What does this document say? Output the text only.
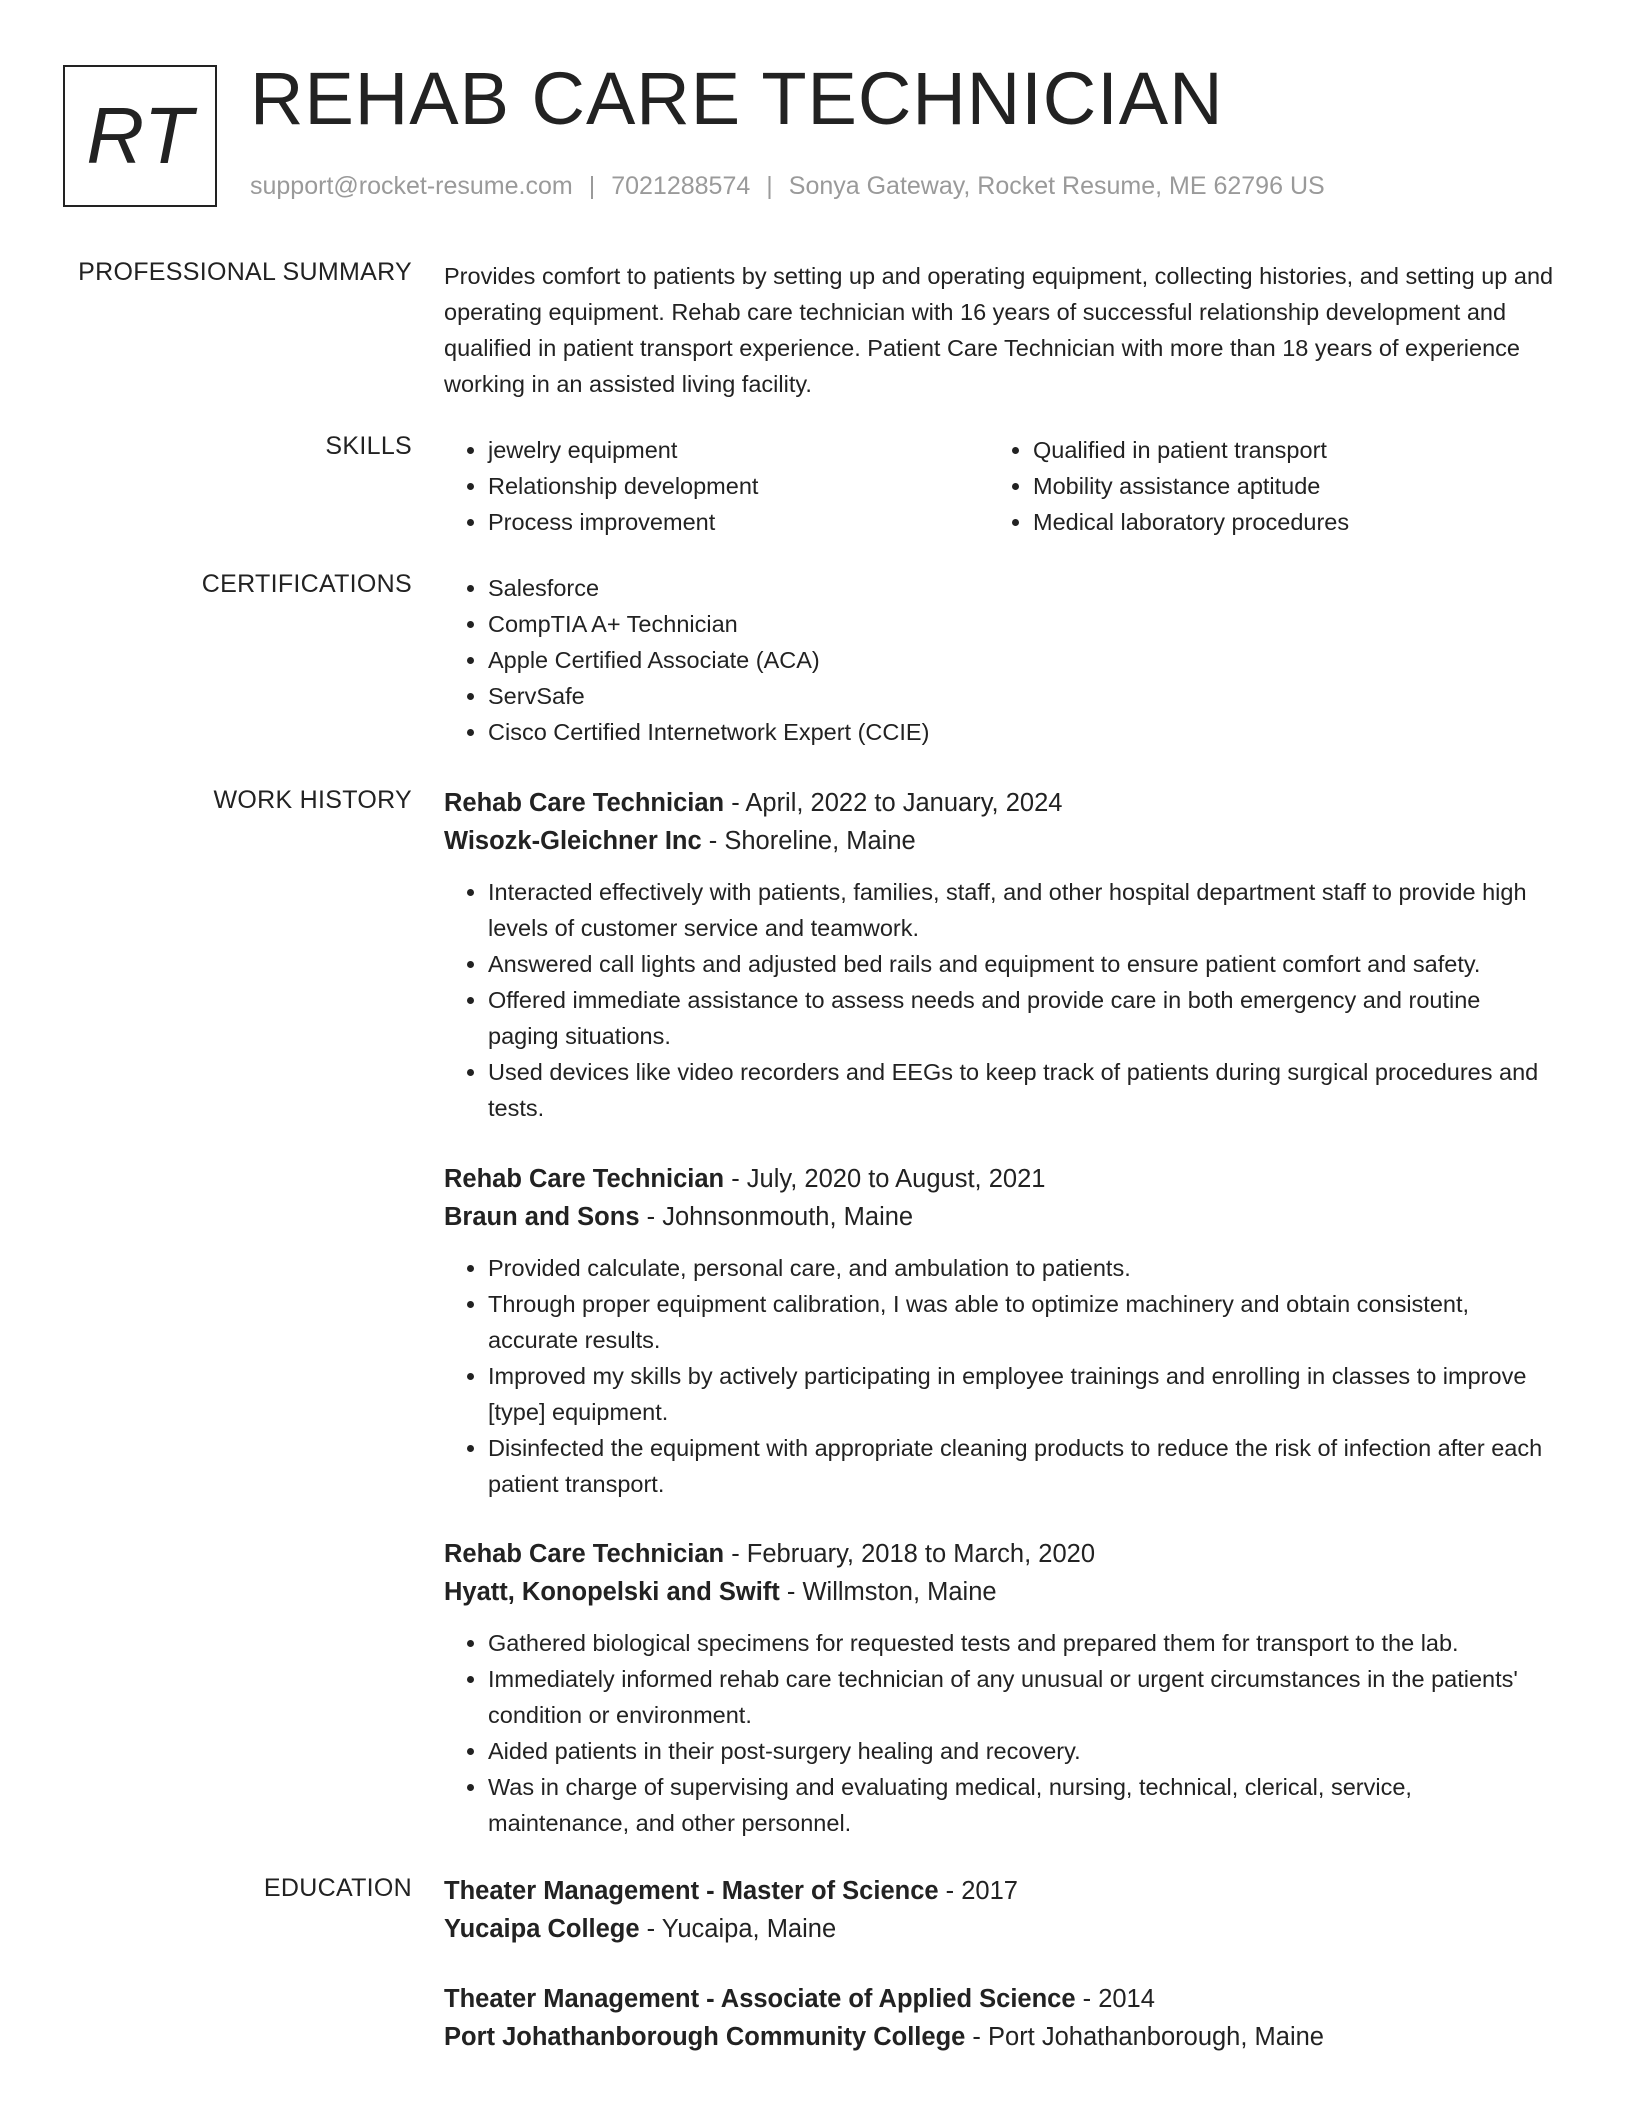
RT REHAB CARE TECHNICIAN
support@rocket-resume.com | 7021288574 | Sonya Gateway, Rocket Resume, ME 62796 US
PROFESSIONAL SUMMARY Provides comfort to patients by setting up and operating equipment, collecting histories, and setting up and operating equipment. Rehab care technician with 16 years of successful relationship development and qualified in patient transport experience. Patient Care Technician with more than 18 years of experience working in an assisted living facility.

SKILLS	• jewelry equipment
• Relationship development
• Process improvement
• Qualified in patient transport
• Mobility assistance aptitude
• Medical laboratory procedures
CERTIFICATIONS	• Salesforce
• CompTIA A+ Technician
• Apple Certified Associate (ACA)
• ServSafe
• Cisco Certified Internetwork Expert (CCIE)
WORK HISTORY Rehab Care Technician - April, 2022 to January, 2024
Wisozk-Gleichner Inc - Shoreline, Maine
• Interacted effectively with patients, families, staff, and other hospital department staff to provide high levels of customer service and teamwork.
• Answered call lights and adjusted bed rails and equipment to ensure patient comfort and safety.
• Offered immediate assistance to assess needs and provide care in both emergency and routine paging situations.
• Used devices like video recorders and EEGs to keep track of patients during surgical procedures and tests.
Rehab Care Technician - July, 2020 to August, 2021
Braun and Sons - Johnsonmouth, Maine
• Provided calculate, personal care, and ambulation to patients.
• Through proper equipment calibration, I was able to optimize machinery and obtain consistent, accurate results.
• Improved my skills by actively participating in employee trainings and enrolling in classes to improve [type] equipment.
• Disinfected the equipment with appropriate cleaning products to reduce the risk of infection after each patient transport.
Rehab Care Technician - February, 2018 to March, 2020
Hyatt, Konopelski and Swift - Willmston, Maine
• Gathered biological specimens for requested tests and prepared them for transport to the lab.
• Immediately informed rehab care technician of any unusual or urgent circumstances in the patients' condition or environment.
• Aided patients in their post-surgery healing and recovery.
• Was in charge of supervising and evaluating medical, nursing, technical, clerical, service, maintenance, and other personnel.
EDUCATION Theater Management - Master of Science - 2017
Yucaipa College - Yucaipa, Maine
Theater Management - Associate of Applied Science - 2014
Port Johathanborough Community College - Port Johathanborough, Maine
